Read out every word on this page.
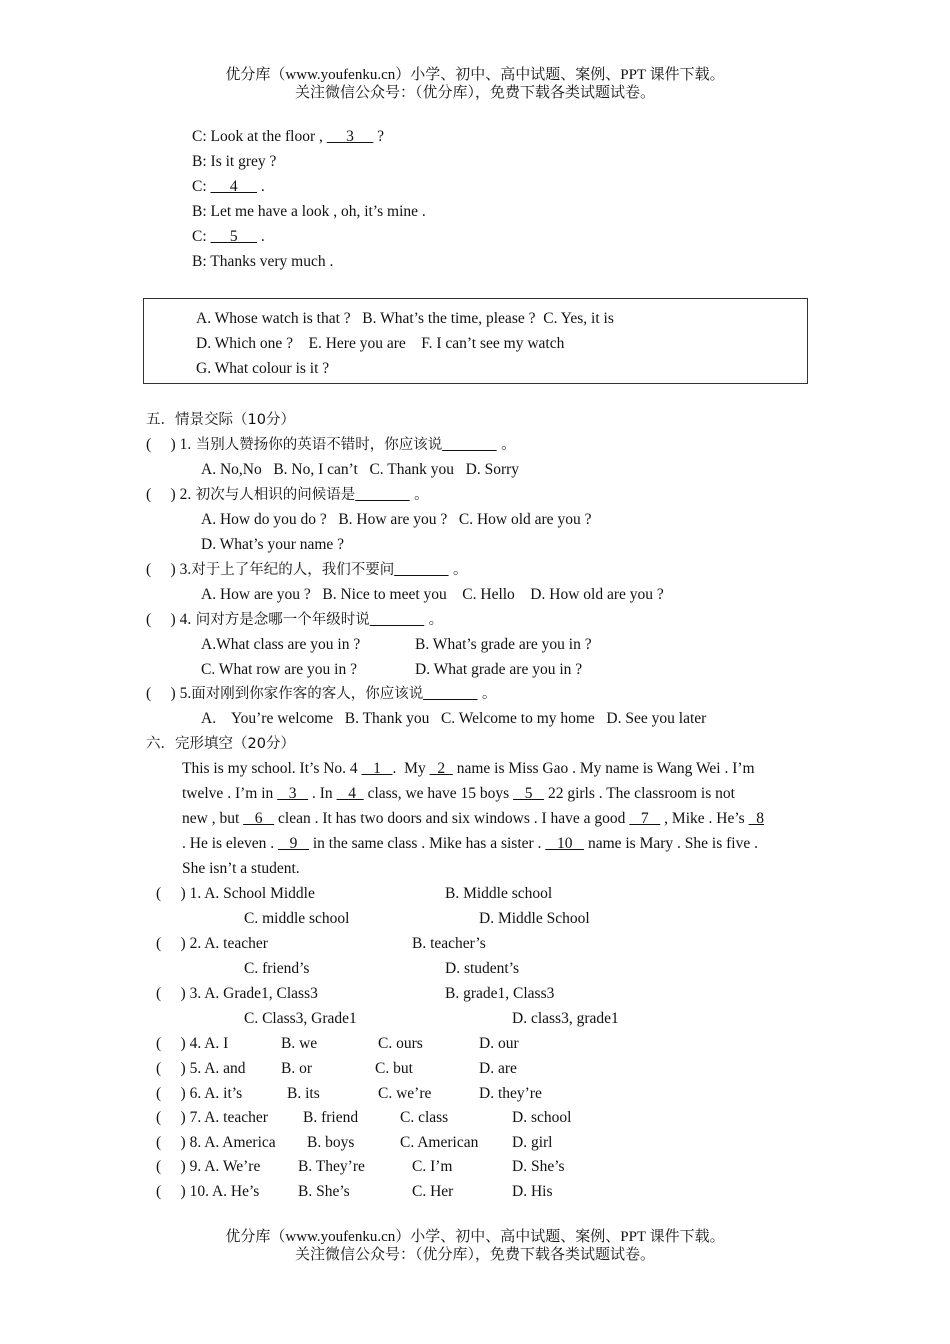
优分库（www.youfenku.cn）小学、初中、高中试题、案例、PPT 课件下载。
关注微信公众号：（优分库），免费下载各类试题试卷。
C: Look at the floor ,      3      ?
B: Is it grey ?
C:      4      .
B: Let me have a look , oh, it’s mine .
C:      5      .
B: Thanks very much .
A. Whose watch is that ?   B. What’s the time, please ?  C. Yes, it is
D. Which one ?    E. Here you are    F. I can’t see my watch
G. What colour is it ?
五．情景交际（10分）
(     ) 1. 当别人赞扬你的英语不错时，你应该说_______ 。
A. No,No   B. No, I can’t   C. Thank you   D. Sorry
(     ) 2. 初次与人相识的问候语是_______ 。
A. How do you do ?   B. How are you ?   C. How old are you ?
D. What’s your name ?
(     ) 3.对于上了年纪的人，我们不要问_______ 。
A. How are you ?   B. Nice to meet you    C. Hello    D. How old are you ?
(     ) 4. 问对方是念哪一个年级时说_______ 。
A.What class are you in ?	B. What’s grade are you in ?
C. What row are you in ?	D. What grade are you in ?
(     ) 5.面对刚到你家作客的客人，你应该说_______ 。
A.    You’re welcome   B. Thank you   C. Welcome to my home   D. See you later
六．完形填空（20分）
This is my school. It’s No. 4    1   .  My   2   name is Miss Gao . My name is Wang Wei . I’m
twelve . I’m in    3    . In    4   class, we have 15 boys    5    22 girls . The classroom is not
new , but    6    clean . It has two doors and six windows . I have a good    7    , Mike . He’s   8
. He is eleven .    9    in the same class . Mike has a sister .    10    name is Mary . She is five .
She isn’t a student.
(     ) 1. A. School Middle	B. Middle school
C. middle school	D. Middle School
(     ) 2. A. teacher	B. teacher’s
C. friend’s	D. student’s
(     ) 3. A. Grade1, Class3	B. grade1, Class3
C. Class3, Grade1	D. class3, grade1
(     ) 4. A. I	B. we	C. ours	D. our
(     ) 5. A. and B. or	C. but	D. are
(     ) 6. A. it’s	B. its	C. we’re	D. they’re
(     ) 7. A. teacher B. friend	C. class	D. school
(     ) 8. A. America B. boys	C. American D. girl
(     ) 9. A. We’re B. They’re	C. I’m	D. She’s
(     ) 10. A. He’s B. She’s	C. Her	D. His
优分库（www.youfenku.cn）小学、初中、高中试题、案例、PPT 课件下载。
关注微信公众号：（优分库），免费下载各类试题试卷。
